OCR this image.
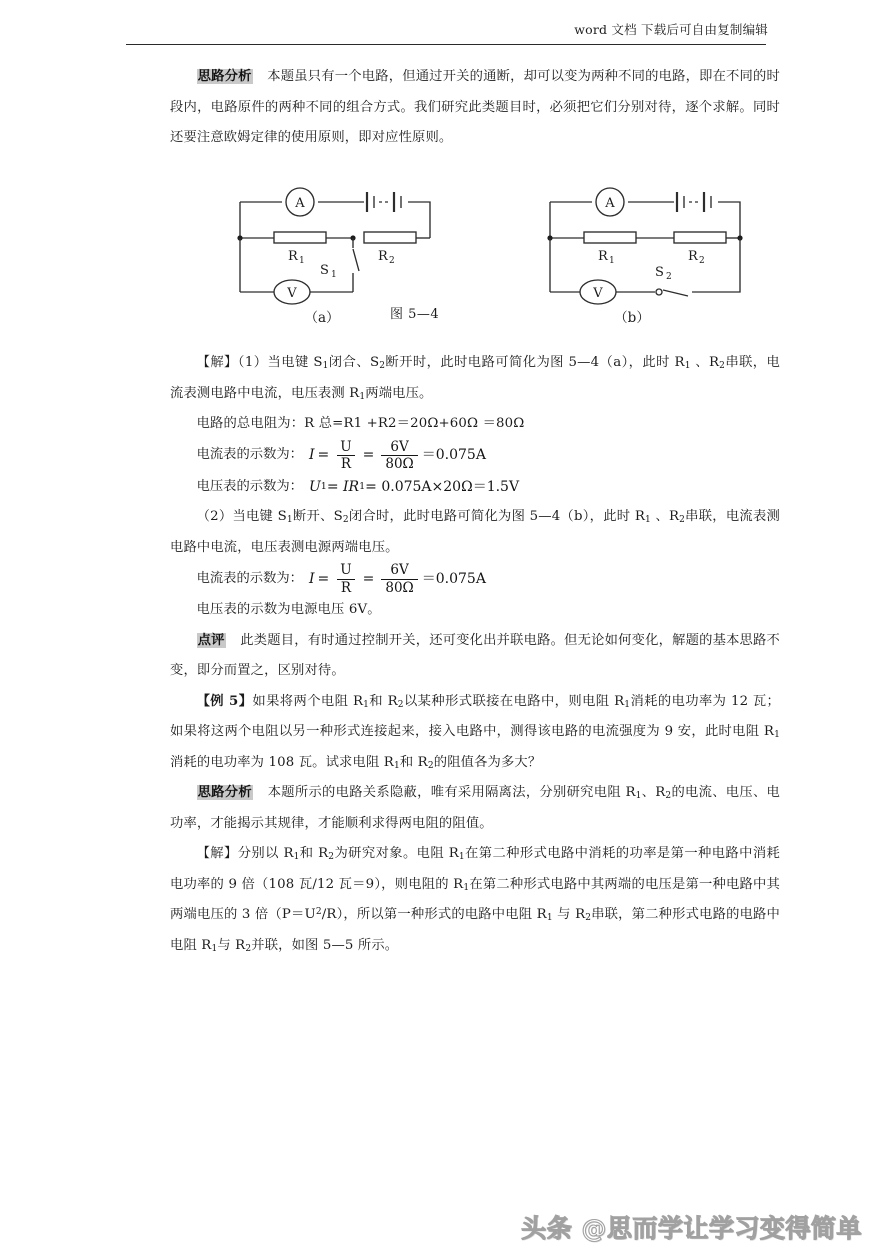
word 文档 下载后可自由复制编辑

思路分析 本题虽只有一个电路，但通过开关的通断，却可以变为两种不同的电路，即在不同的时段内，电路原件的两种不同的组合方式。我们研究此类题目时，必须把它们分别对待，逐个求解。同时还要注意欧姆定律的使用原则，即对应性原则。

A
R 1	R 2
S 1
V
（a）
A
R 1	R 2
V
S 2
（b）
图 5—4

【解】（1）当电键 $S_1$闭合、$S_2$断开时，此时电路可简化为图 5—4（a），此时 $R_1$ 、$R_2$串联，电流表测电路中电流，电压表测 $R_1$两端电压。

电路的总电阻为：R 总=R1 +R2＝20Ω+60Ω ＝80Ω

电流表的示数为： $I = \frac{U}{R} = \frac{6V}{80\Omega} =0.075A$
电压表的示数为： U 1 = IR 1 = 0.075A×20Ω＝1.5V

（2）当电键 $S_1$断开、$S_2$闭合时，此时电路可简化为图 5—4（b），此时 $R_1$ 、$R_2$串联，电流表测电路中电流，电压表测电源两端电压。

电流表的示数为： $I = \frac{U}{R} = \frac{6V}{80\Omega} =0.075A$

电压表的示数为电源电压 6V。

点评 此类题目，有时通过控制开关，还可变化出并联电路。但无论如何变化，解题的基本思路不变，即分而置之，区别对待。

【例 5】如果将两个电阻 $R_1$和 $R_2$以某种形式联接在电路中，则电阻 $R_1$消耗的电功率为 12 瓦；如果将这两个电阻以另一种形式连接起来，接入电路中，测得该电路的电流强度为 9 安，此时电阻 $R_1$消耗的电功率为 108 瓦。试求电阻 $R_1$和 $R_2$的阻值各为多大？

思路分析 本题所示的电路关系隐蔽，唯有采用隔离法，分别研究电阻 $R_1$、$R_2$的电流、电压、电功率，才能揭示其规律，才能顺利求得两电阻的阻值。

【解】分别以 $R_1$和 $R_2$为研究对象。电阻 $R_1$在第二种形式电路中消耗的功率是第一种电路中消耗电功率的 9 倍（108 瓦/12 瓦＝9），则电阻的 $R_1$在第二种形式电路中其两端的电压是第一种电路中其两端电压的 3 倍$(P=U^2/R)$，所以第一种形式的电路中电阻 $R_1$ 与 $R_2$串联，第二种形式电路的电路中电阻 $R_1$与 $R_2$并联，如图 5—5 所示。

头条 @思而学让学习变得简单
